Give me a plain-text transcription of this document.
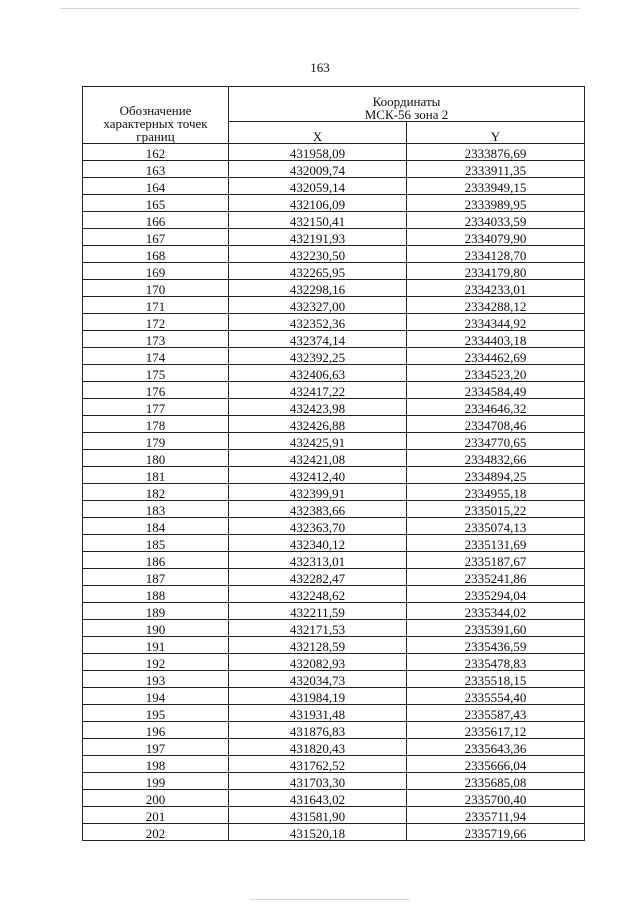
163
Обозначение характерных точек границ	Координаты
МСК-56 зона 2	

	X	Y
162	431958,09	2333876,69
163	432009,74	2333911,35
164	432059,14	2333949,15
165	432106,09	2333989,95
166	432150,41	2334033,59
167	432191,93	2334079,90
168	432230,50	2334128,70
169	432265,95	2334179,80
170	432298,16	2334233,01
171	432327,00	2334288,12
172	432352,36	2334344,92
173	432374,14	2334403,18
174	432392,25	2334462,69
175	432406,63	2334523,20
176	432417,22	2334584,49
177	432423,98	2334646,32
178	432426,88	2334708,46
179	432425,91	2334770,65
180	432421,08	2334832,66
181	432412,40	2334894,25
182	432399,91	2334955,18
183	432383,66	2335015,22
184	432363,70	2335074,13
185	432340,12	2335131,69
186	432313,01	2335187,67
187	432282,47	2335241,86
188	432248,62	2335294,04
189	432211,59	2335344,02
190	432171,53	2335391,60
191	432128,59	2335436,59
192	432082,93	2335478,83
193	432034,73	2335518,15
194	431984,19	2335554,40
195	431931,48	2335587,43
196	431876,83	2335617,12
197	431820,43	2335643,36
198	431762,52	2335666,04
199	431703,30	2335685,08
200	431643,02	2335700,40
201	431581,90	2335711,94
202	431520,18	2335719,66
